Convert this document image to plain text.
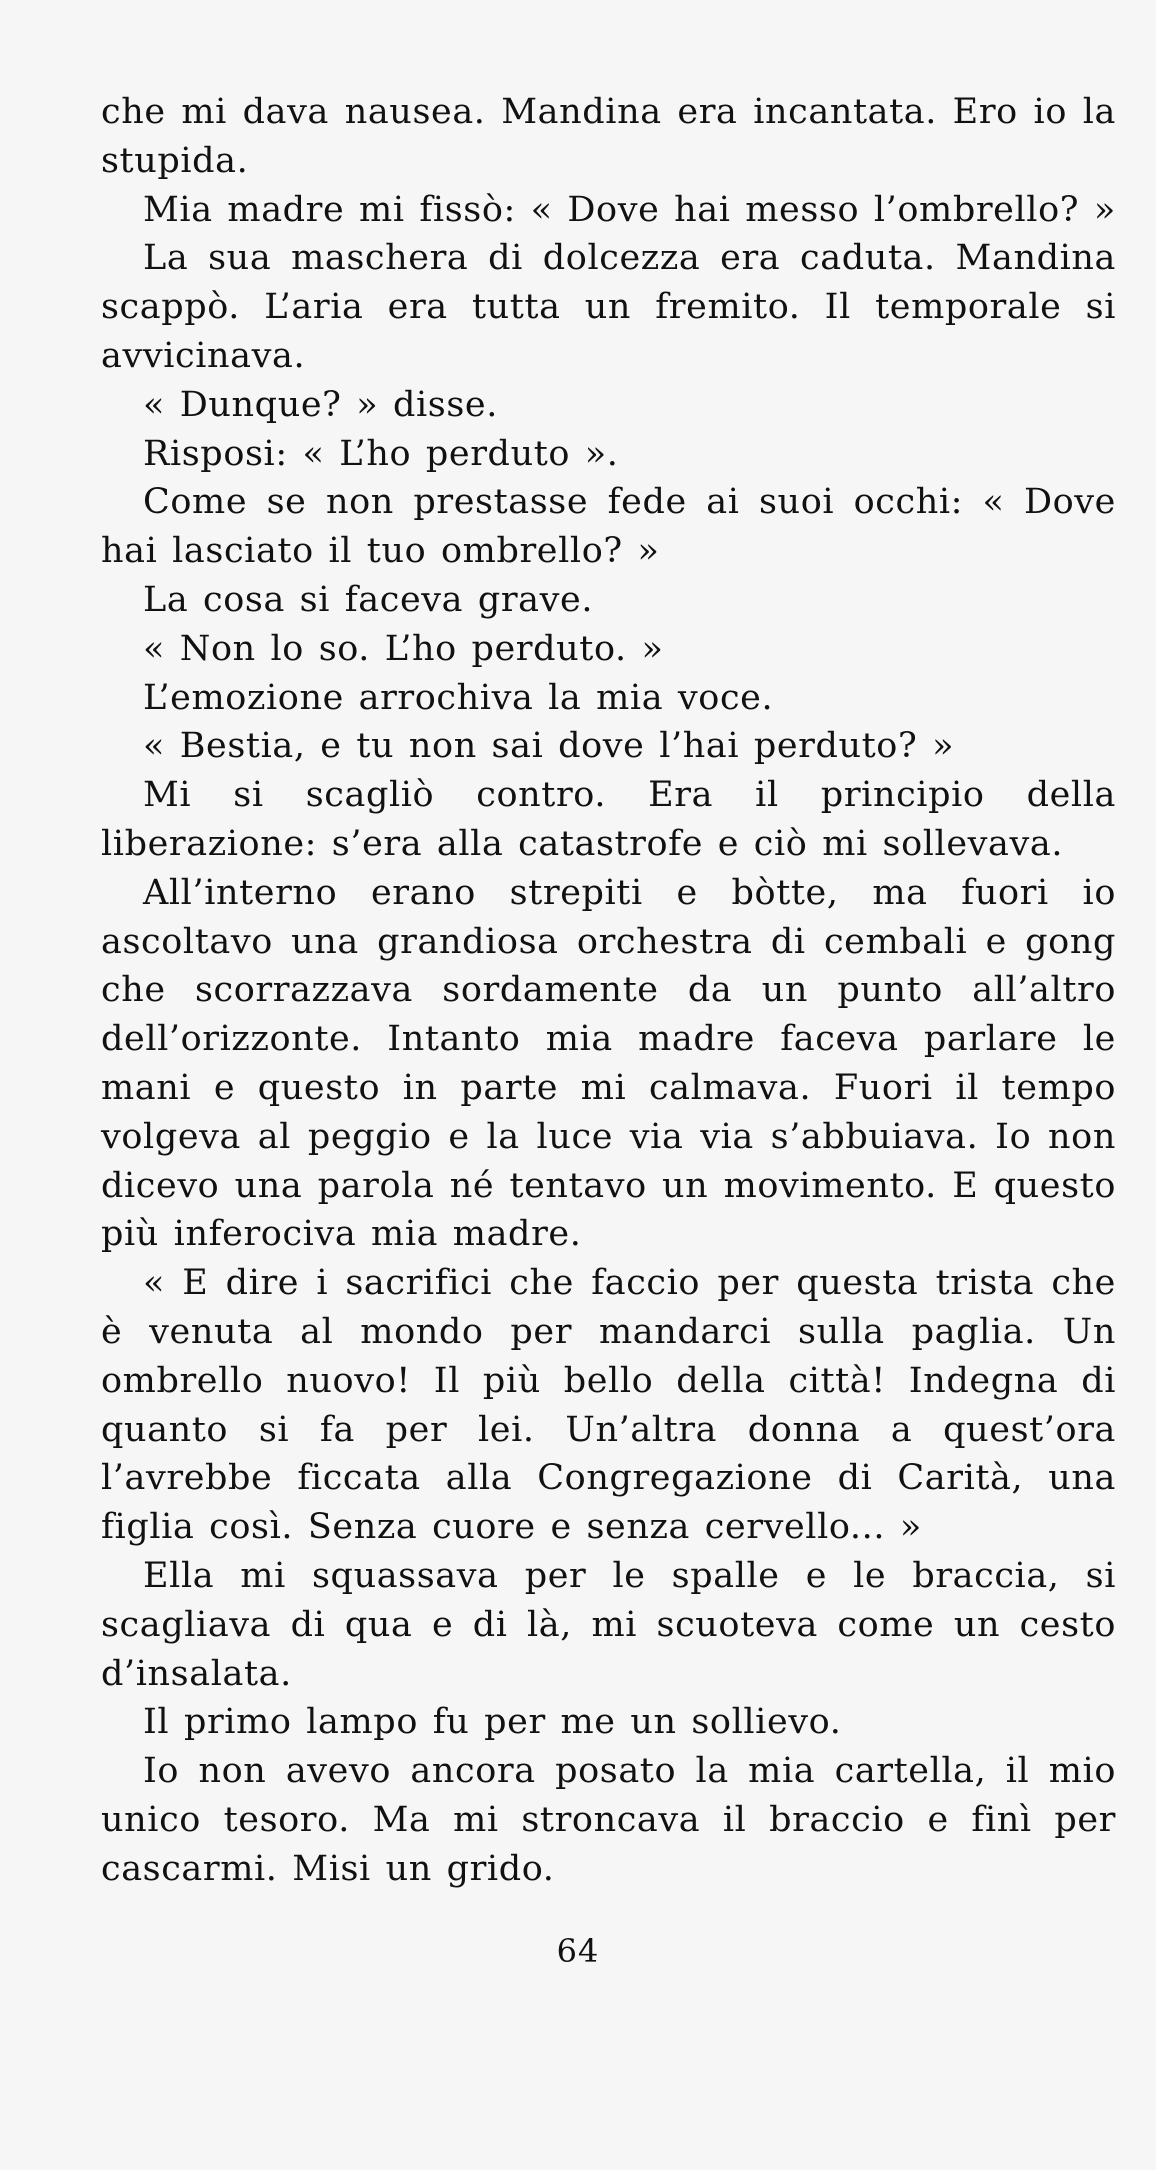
che mi dava nausea. Mandina era incantata. Ero io la stupida.

Mia madre mi fissò: « Dove hai messo l’ombrello? »

La sua maschera di dolcezza era caduta. Mandina scappò. L’aria era tutta un fremito. Il temporale si avvicinava.

« Dunque? » disse.

Risposi: « L’ho perduto ».

Come se non prestasse fede ai suoi occhi: « Dove hai lasciato il tuo ombrello? »

La cosa si faceva grave.

« Non lo so. L’ho perduto. »

L’emozione arrochiva la mia voce.

« Bestia, e tu non sai dove l’hai perduto? »

Mi si scagliò contro. Era il principio della liberazione: s’era alla catastrofe e ciò mi sollevava.

All’interno erano strepiti e bòtte, ma fuori io ascoltavo una grandiosa orchestra di cembali e gong che scorrazzava sordamente da un punto all’altro dell’orizzonte. Intanto mia madre faceva parlare le mani e questo in parte mi calmava. Fuori il tempo volgeva al peggio e la luce via via s’abbuiava. Io non dicevo una parola né tentavo un movimento. E questo più inferociva mia madre.

« E dire i sacrifici che faccio per questa trista che è venuta al mondo per mandarci sulla paglia. Un ombrello nuovo! Il più bello della città! Indegna di quanto si fa per lei. Un’altra donna a quest’ora l’avrebbe ficcata alla Congregazione di Carità, una figlia così. Senza cuore e senza cervello... »

Ella mi squassava per le spalle e le braccia, si scagliava di qua e di là, mi scuoteva come un cesto d’insalata.

Il primo lampo fu per me un sollievo.

Io non avevo ancora posato la mia cartella, il mio unico tesoro. Ma mi stroncava il braccio e finì per cascarmi. Misi un grido.

64
